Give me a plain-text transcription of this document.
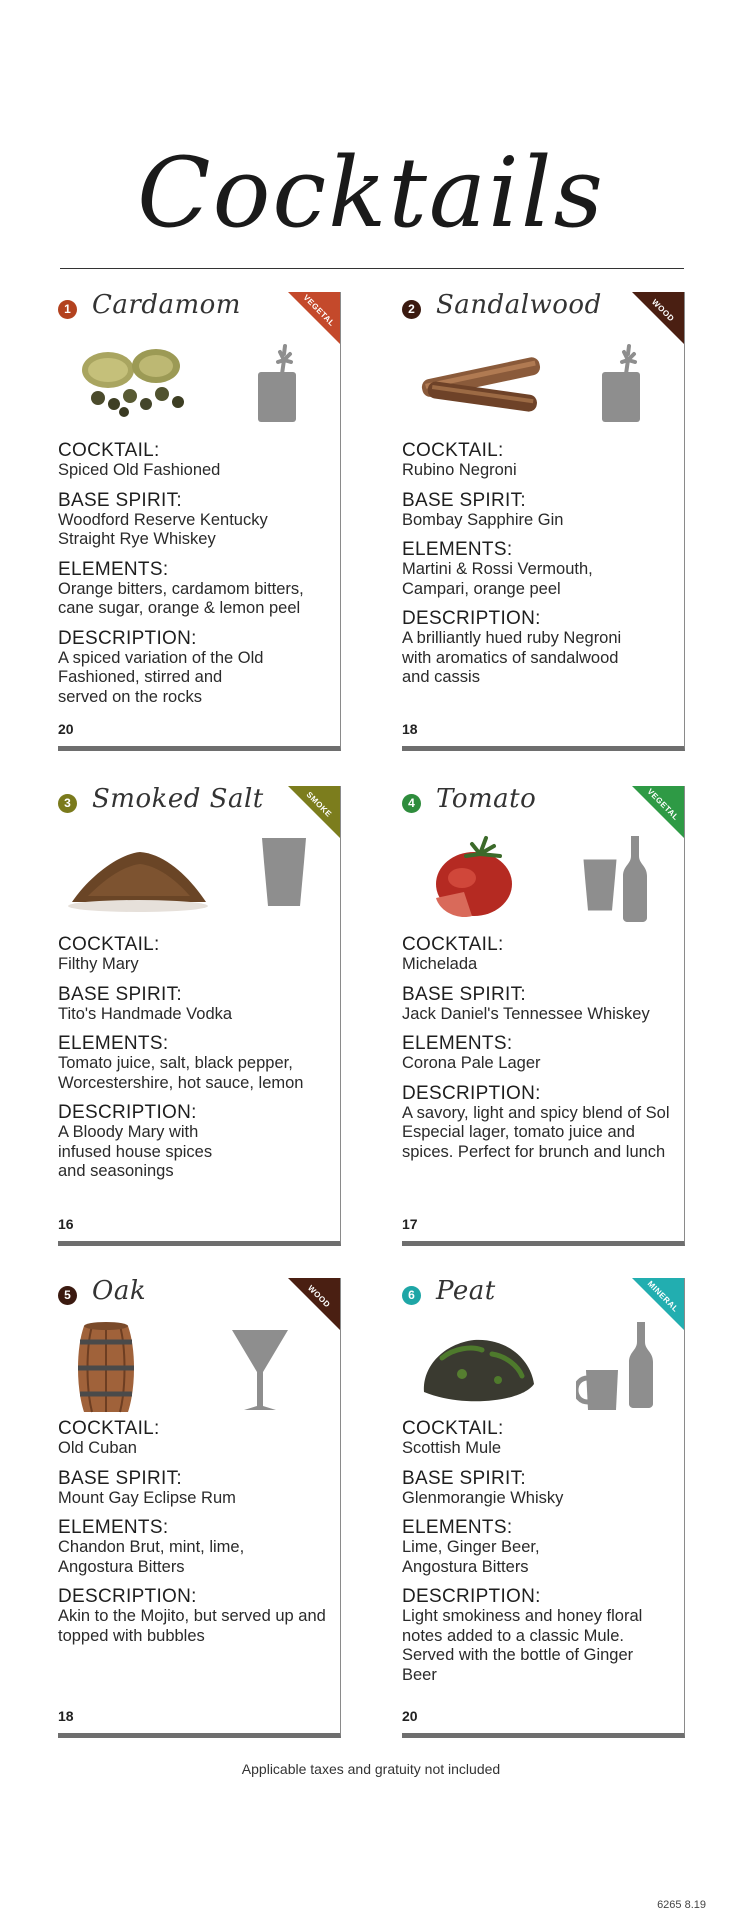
Cocktails
1 Cardamom	VEGETAL
COCKTAIL:
Spiced Old Fashioned
BASE SPIRIT:
Woodford Reserve Kentucky Straight Rye Whiskey
ELEMENTS:
Orange bitters, cardamom bitters, cane sugar, orange & lemon peel
DESCRIPTION:
A spiced variation of the Old Fashioned, stirred and served on the rocks
20
2 Sandalwood	WOOD
COCKTAIL:
Rubino Negroni
BASE SPIRIT:
Bombay Sapphire Gin
ELEMENTS:
Martini & Rossi Vermouth, Campari, orange peel
DESCRIPTION:
A brilliantly hued ruby Negroni with aromatics of sandalwood and cassis
18
3 Smoked Salt	SMOKE
COCKTAIL:
Filthy Mary
BASE SPIRIT:
Tito's Handmade Vodka
ELEMENTS:
Tomato juice, salt, black pepper, Worcestershire, hot sauce, lemon
DESCRIPTION:
A Bloody Mary with infused house spices and seasonings
16
4 Tomato	VEGETAL
COCKTAIL:
Michelada
BASE SPIRIT:
Jack Daniel's Tennessee Whiskey
ELEMENTS:
Corona Pale Lager
DESCRIPTION:
A savory, light and spicy blend of Sol Especial lager, tomato juice and spices. Perfect for brunch and lunch
17
5 Oak	WOOD
COCKTAIL:
Old Cuban
BASE SPIRIT:
Mount Gay Eclipse Rum
ELEMENTS:
Chandon Brut, mint, lime, Angostura Bitters
DESCRIPTION:
Akin to the Mojito, but served up and topped with bubbles
18
6 Peat	MINERAL
COCKTAIL:
Scottish Mule
BASE SPIRIT:
Glenmorangie Whisky
ELEMENTS:
Lime, Ginger Beer, Angostura Bitters
DESCRIPTION:
Light smokiness and honey floral notes added to a classic Mule. Served with the bottle of Ginger Beer
20
Applicable taxes and gratuity not included
6265 8.19
